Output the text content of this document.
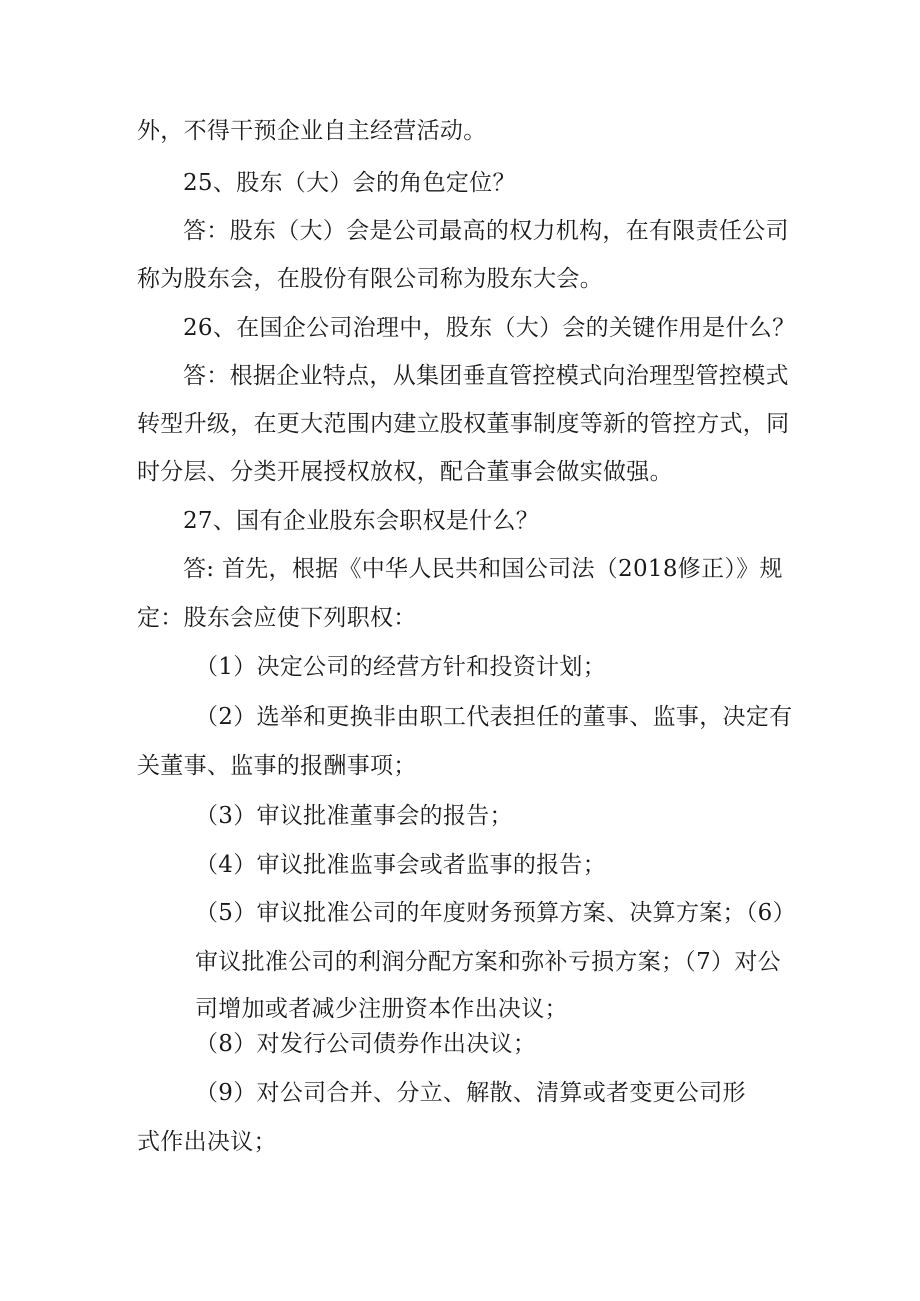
外，不得干预企业自主经营活动。
25、股东（大）会的角色定位？
答：股东（大）会是公司最高的权力机构，在有限责任公司
称为股东会，在股份有限公司称为股东大会。
26、在国企公司治理中，股东（大）会的关键作用是什么？
答：根据企业特点，从集团垂直管控模式向治理型管控模式
转型升级，在更大范围内建立股权董事制度等新的管控方式，同
时分层、分类开展授权放权，配合董事会做实做强。
27、国有企业股东会职权是什么？
答: 首先，根据《中华人民共和国公司法（2018修正）》规
定：股东会应使下列职权：
（1）决定公司的经营方针和投资计划；
（2）选举和更换非由职工代表担任的董事、监事，决定有
关董事、监事的报酬事项；
（3）审议批准董事会的报告；
（4）审议批准监事会或者监事的报告；
（5）审议批准公司的年度财务预算方案、决算方案；（6）
审议批准公司的利润分配方案和弥补亏损方案；（7）对公
司增加或者减少注册资本作出决议；
（8）对发行公司债券作出决议；
（9）对公司合并、分立、解散、清算或者变更公司形
式作出决议；
